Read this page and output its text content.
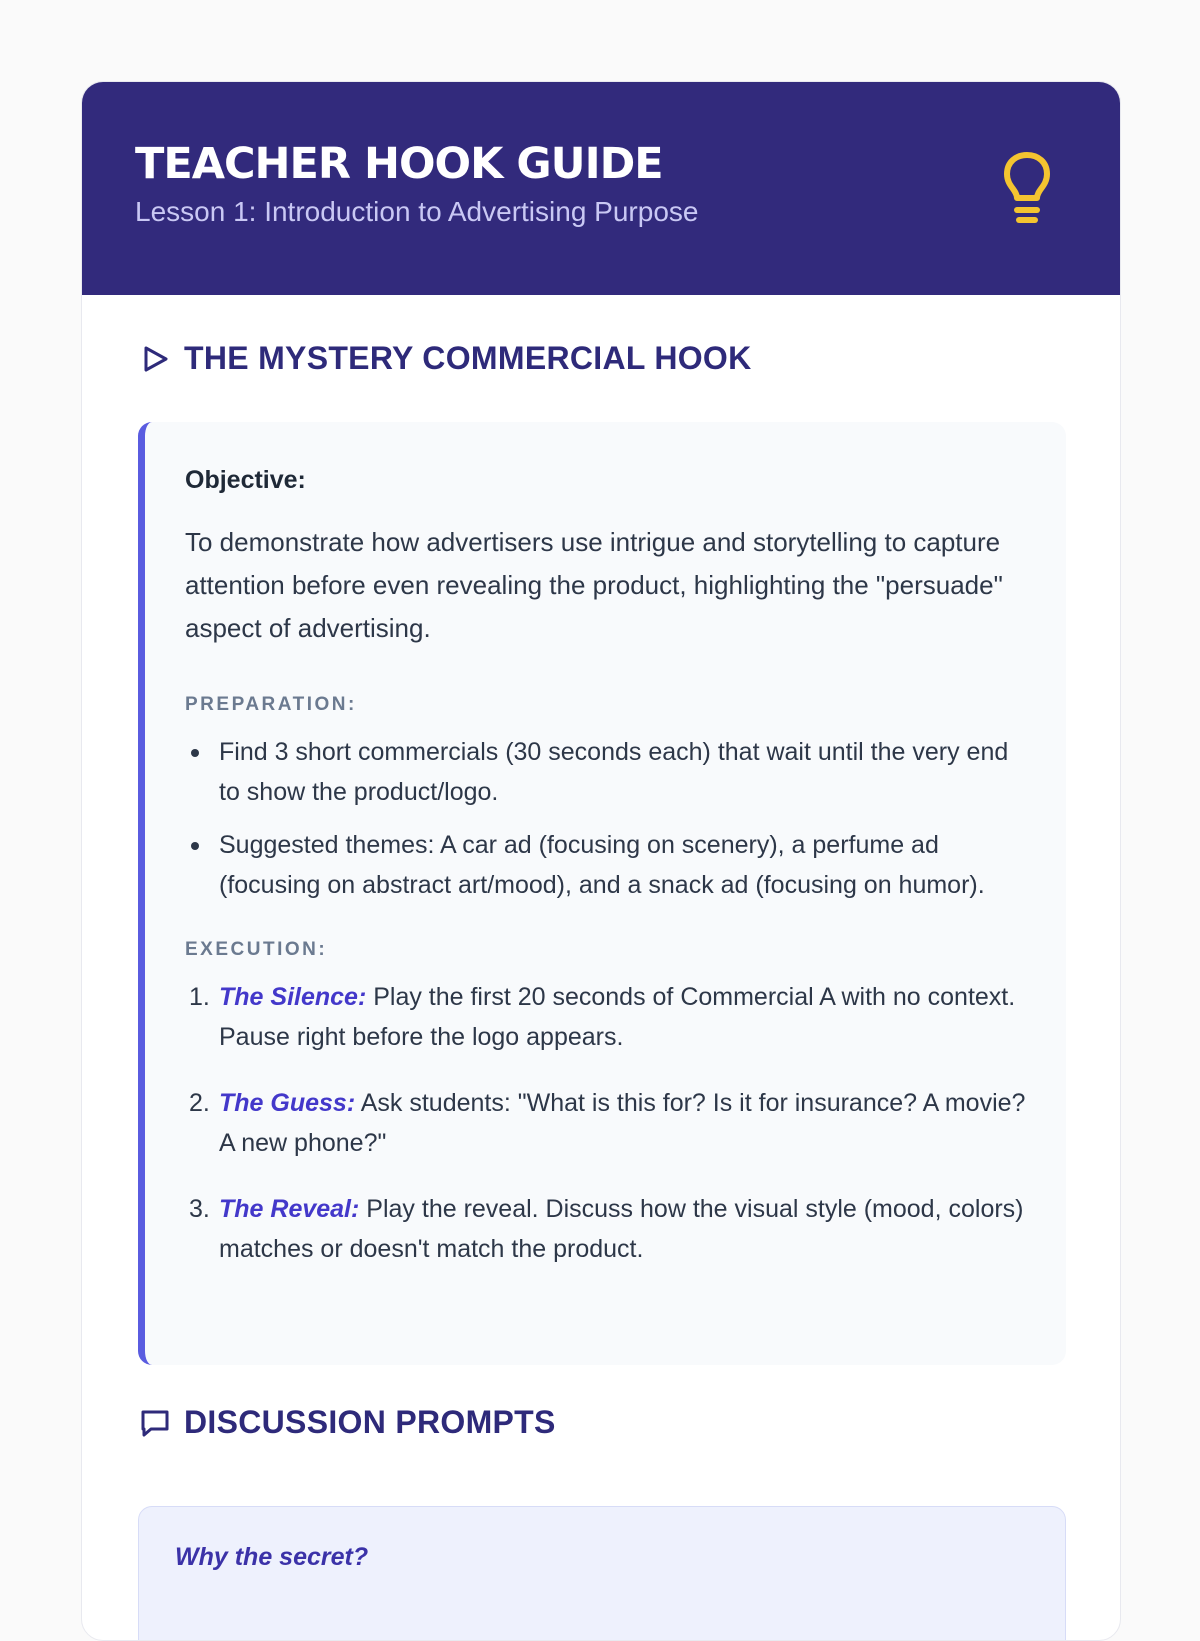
TEACHER HOOK GUIDE
Lesson 1: Introduction to Advertising Purpose
THE MYSTERY COMMERCIAL HOOK
Objective:

To demonstrate how advertisers use intrigue and storytelling to capture attention before even revealing the product, highlighting the "persuade" aspect of advertising.

PREPARATION:
Find 3 short commercials (30 seconds each) that wait until the very end to show the product/logo.
Suggested themes: A car ad (focusing on scenery), a perfume ad (focusing on abstract art/mood), and a snack ad (focusing on humor).
EXECUTION:
1. The Silence: Play the first 20 seconds of Commercial A with no context. Pause right before the logo appears.
2. The Guess: Ask students: "What is this for? Is it for insurance? A movie? A new phone?"
3. The Reveal: Play the reveal. Discuss how the visual style (mood, colors) matches or doesn't match the product.
DISCUSSION PROMPTS
Why the secret?
